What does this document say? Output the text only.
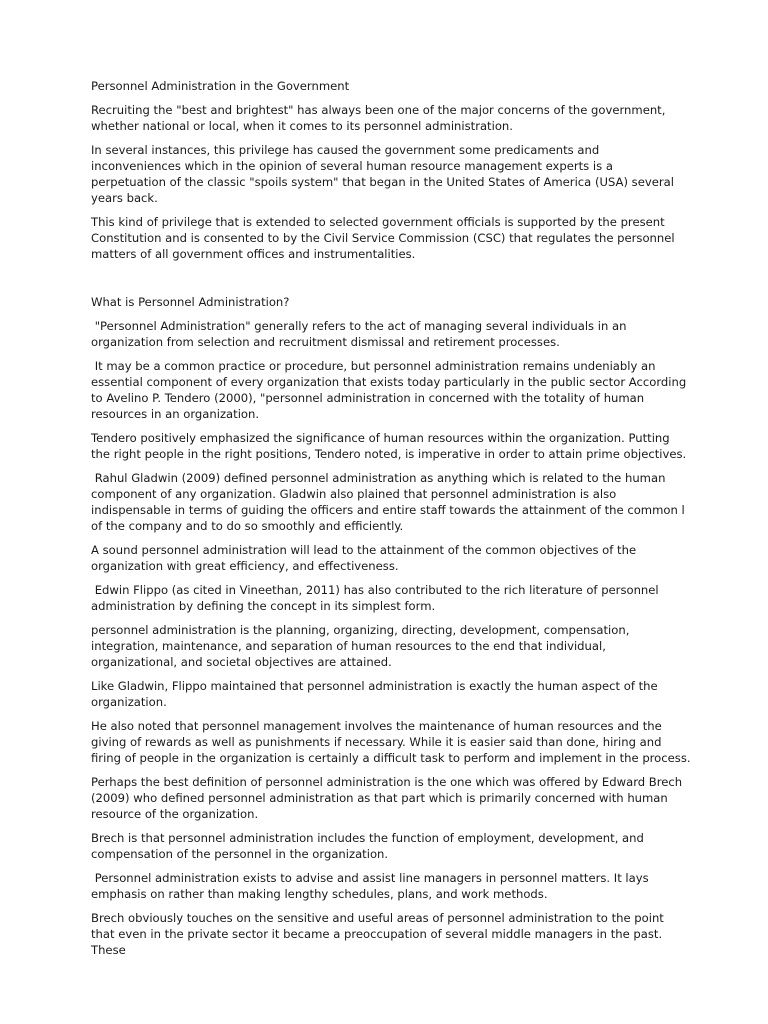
Personnel Administration in the Government

Recruiting the "best and brightest" has always been one of the major concerns of the government, whether national or local, when it comes to its personnel administration.

In several instances, this privilege has caused the government some predicaments and inconveniences which in the opinion of several human resource management experts is a perpetuation of the classic "spoils system" that began in the United States of America (USA) several years back.

This kind of privilege that is extended to selected government officials is supported by the present Constitution and is consented to by the Civil Service Commission (CSC) that regulates the personnel matters of all government offices and instrumentalities.

What is Personnel Administration?

"Personnel Administration" generally refers to the act of managing several individuals in an organization from selection and recruitment dismissal and retirement processes.

It may be a common practice or procedure, but personnel administration remains undeniably an essential component of every organization that exists today particularly in the public sector According to Avelino P. Tendero (2000), "personnel administration in concerned with the totality of human resources in an organization.

Tendero positively emphasized the significance of human resources within the organization. Putting the right people in the right positions, Tendero noted, is imperative in order to attain prime objectives.

Rahul Gladwin (2009) defined personnel administration as anything which is related to the human component of any organization. Gladwin also plained that personnel administration is also indispensable in terms of guiding the officers and entire staff towards the attainment of the common l of the company and to do so smoothly and efficiently.

A sound personnel administration will lead to the attainment of the common objectives of the organization with great efficiency, and effectiveness.

Edwin Flippo (as cited in Vineethan, 2011) has also contributed to the rich literature of personnel administration by defining the concept in its simplest form.

personnel administration is the planning, organizing, directing, development, compensation, integration, maintenance, and separation of human resources to the end that individual, organizational, and societal objectives are attained.

Like Gladwin, Flippo maintained that personnel administration is exactly the human aspect of the organization.

He also noted that personnel management involves the maintenance of human resources and the giving of rewards as well as punishments if necessary. While it is easier said than done, hiring and firing of people in the organization is certainly a difficult task to perform and implement in the process.

Perhaps the best definition of personnel administration is the one which was offered by Edward Brech (2009) who defined personnel administration as that part which is primarily concerned with human resource of the organization.

Brech is that personnel administration includes the function of employment, development, and compensation of the personnel in the organization.

Personnel administration exists to advise and assist line managers in personnel matters. It lays emphasis on rather than making lengthy schedules, plans, and work methods.

Brech obviously touches on the sensitive and useful areas of personnel administration to the point that even in the private sector it became a preoccupation of several middle managers in the past. These
